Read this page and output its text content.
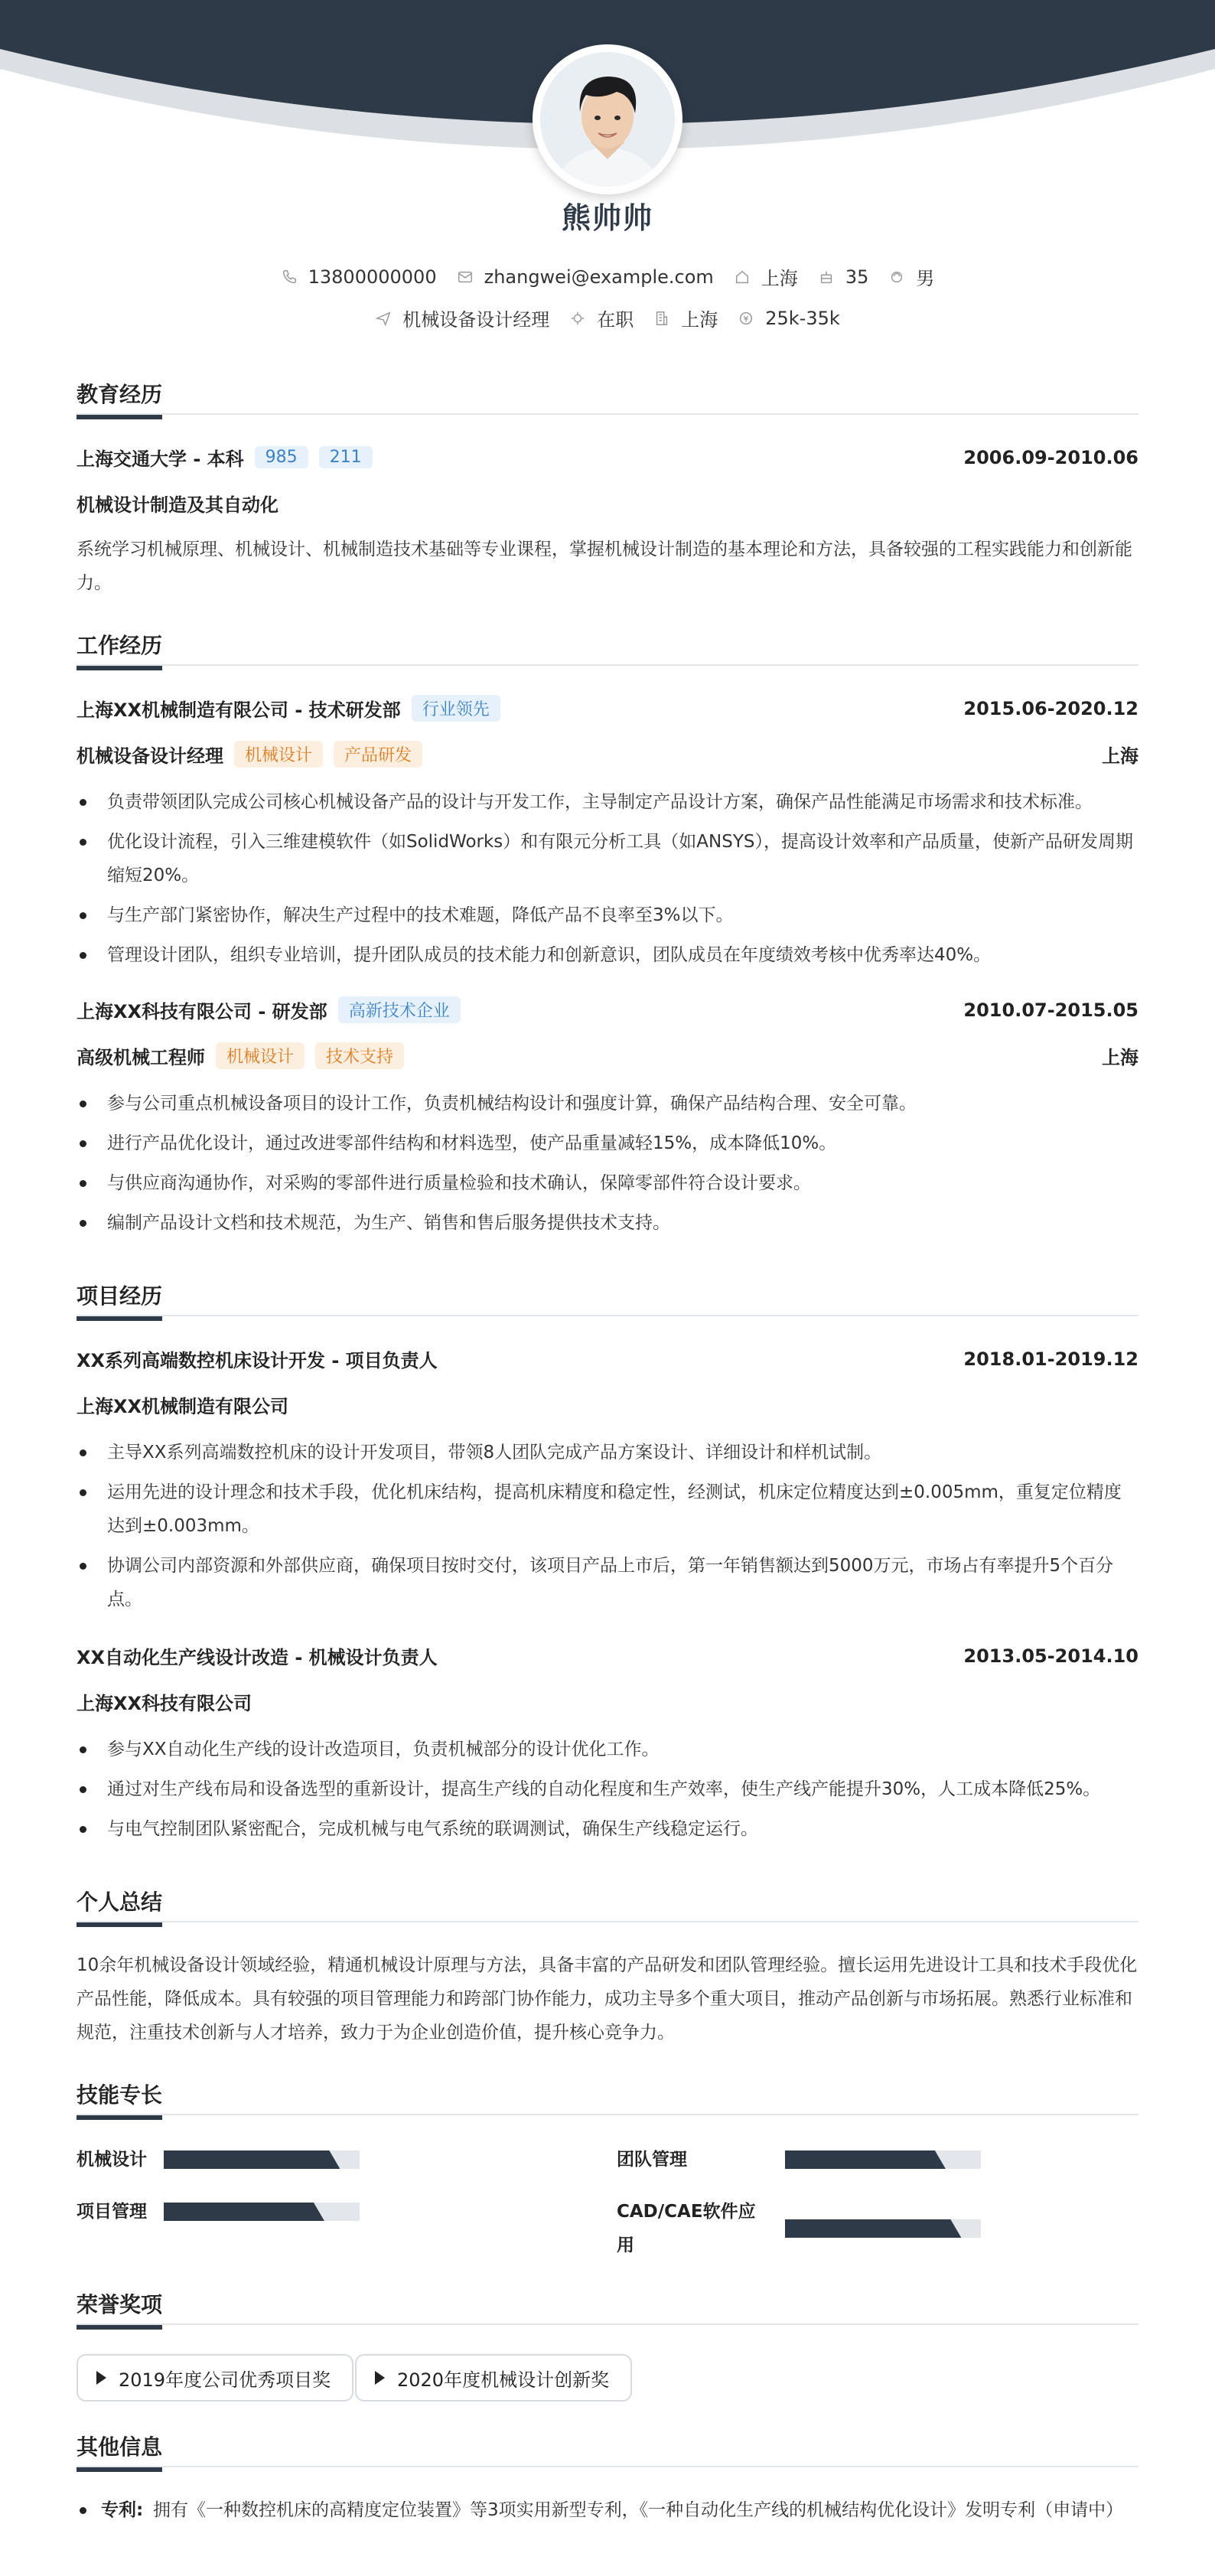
熊帅帅
13800000000	zhangwei@example.com	上海	35	男
机械设备设计经理	在职	上海	25k-35k
教育经历
上海交通大学 - 本科	985	211	2006.09-2010.06
机械设计制造及其自动化
系统学习机械原理、机械设计、机械制造技术基础等专业课程，掌握机械设计制造的基本理论和方法，具备较强的工程实践能力和创新能力。
工作经历
上海XX机械制造有限公司 - 技术研发部	行业领先	2015.06-2020.12
机械设备设计经理	机械设计	产品研发	上海
负责带领团队完成公司核心机械设备产品的设计与开发工作，主导制定产品设计方案，确保产品性能满足市场需求和技术标准。
优化设计流程，引入三维建模软件（如SolidWorks）和有限元分析工具（如ANSYS），提高设计效率和产品质量，使新产品研发周期缩短20%。
与生产部门紧密协作，解决生产过程中的技术难题，降低产品不良率至3%以下。
管理设计团队，组织专业培训，提升团队成员的技术能力和创新意识，团队成员在年度绩效考核中优秀率达40%。
上海XX科技有限公司 - 研发部	高新技术企业	2010.07-2015.05
高级机械工程师	机械设计	技术支持	上海
参与公司重点机械设备项目的设计工作，负责机械结构设计和强度计算，确保产品结构合理、安全可靠。
进行产品优化设计，通过改进零部件结构和材料选型，使产品重量减轻15%，成本降低10%。
与供应商沟通协作，对采购的零部件进行质量检验和技术确认，保障零部件符合设计要求。
编制产品设计文档和技术规范，为生产、销售和售后服务提供技术支持。
项目经历
XX系列高端数控机床设计开发 - 项目负责人	2018.01-2019.12
上海XX机械制造有限公司
主导XX系列高端数控机床的设计开发项目，带领8人团队完成产品方案设计、详细设计和样机试制。
运用先进的设计理念和技术手段，优化机床结构，提高机床精度和稳定性，经测试，机床定位精度达到±0.005mm，重复定位精度达到±0.003mm。
协调公司内部资源和外部供应商，确保项目按时交付，该项目产品上市后，第一年销售额达到5000万元，市场占有率提升5个百分点。
XX自动化生产线设计改造 - 机械设计负责人	2013.05-2014.10
上海XX科技有限公司
参与XX自动化生产线的设计改造项目，负责机械部分的设计优化工作。
通过对生产线布局和设备选型的重新设计，提高生产线的自动化程度和生产效率，使生产线产能提升30%，人工成本降低25%。
与电气控制团队紧密配合，完成机械与电气系统的联调测试，确保生产线稳定运行。
个人总结
10余年机械设备设计领域经验，精通机械设计原理与方法，具备丰富的产品研发和团队管理经验。擅长运用先进设计工具和技术手段优化产品性能，降低成本。具有较强的项目管理能力和跨部门协作能力，成功主导多个重大项目，推动产品创新与市场拓展。熟悉行业标准和规范，注重技术创新与人才培养，致力于为企业创造价值，提升核心竞争力。
技能专长
机械设计	团队管理
项目管理	CAD/CAE软件应用
荣誉奖项
2019年度公司优秀项目奖	2020年度机械设计创新奖
其他信息
专利: 拥有《一种数控机床的高精度定位装置》等3项实用新型专利，《一种自动化生产线的机械结构优化设计》发明专利（申请中）
